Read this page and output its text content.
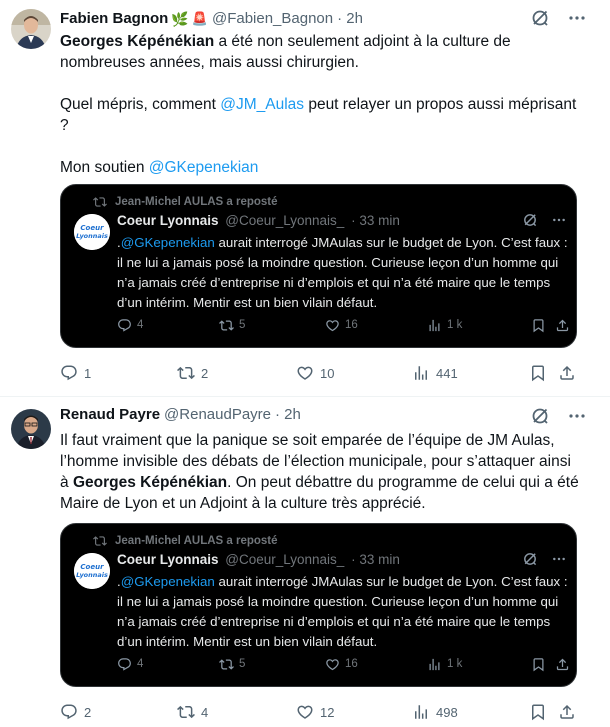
Fabien Bagnon 🌿 🚨 @Fabien_Bagnon · 2h

Georges Képénékian a été non seulement adjoint à la culture de nombreuses années, mais aussi chirurgien.

Quel mépris, comment @JM_Aulas peut relayer un propos aussi méprisant ?

Mon soutien @GKepenekian

Jean-Michel AULAS a reposté
Coeur
Lyonnais
Coeur Lyonnais @Coeur_Lyonnais_ · 33 min
.@GKepenekian aurait interrogé JMAulas sur le budget de Lyon. C’est faux : il ne lui a jamais posé la moindre question. Curieuse leçon d’un homme qui n’a jamais créé d’entreprise ni d’emplois et qui n’a été maire que le temps d’un intérim. Mentir est un bien vilain défaut.
4	5	16	1 k
1	2	10	441
Renaud Payre @RenaudPayre · 2h

Il faut vraiment que la panique se soit emparée de l’équipe de JM Aulas, l’homme invisible des débats de l’élection municipale, pour s’attaquer ainsi à Georges Képénékian. On peut débattre du programme de celui qui a été Maire de Lyon et un Adjoint à la culture très apprécié.

Jean-Michel AULAS a reposté
Coeur
Lyonnais
Coeur Lyonnais @Coeur_Lyonnais_ · 33 min
.@GKepenekian aurait interrogé JMAulas sur le budget de Lyon. C’est faux : il ne lui a jamais posé la moindre question. Curieuse leçon d’un homme qui n’a jamais créé d’entreprise ni d’emplois et qui n’a été maire que le temps d’un intérim. Mentir est un bien vilain défaut.
4	5	16	1 k
2	4	12	498
